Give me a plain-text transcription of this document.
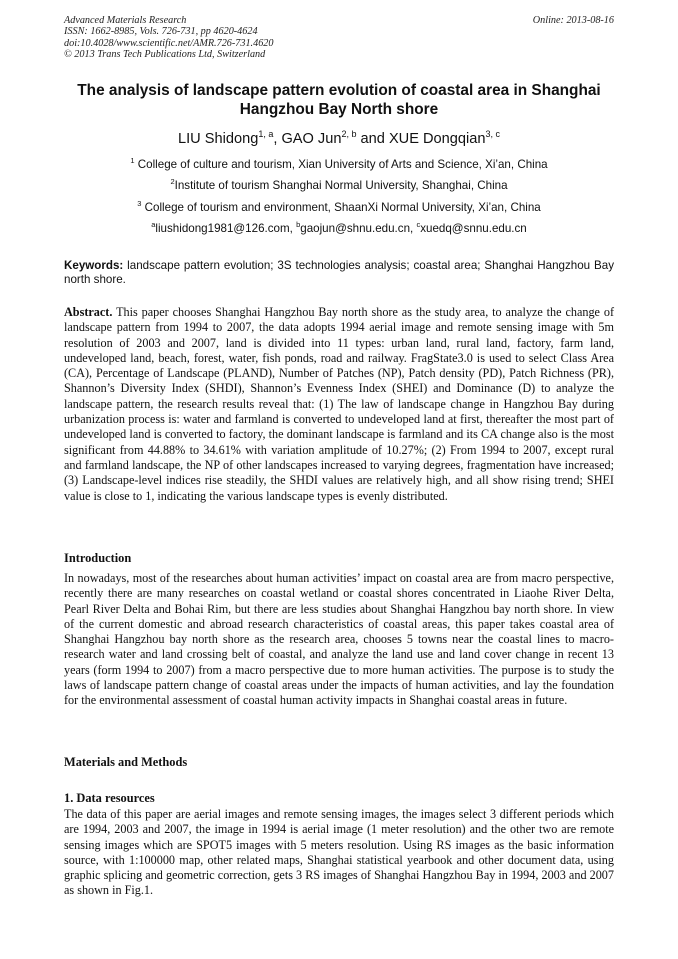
Advanced Materials Research
ISSN: 1662-8985, Vols. 726-731, pp 4620-4624
doi:10.4028/www.scientific.net/AMR.726-731.4620
© 2013 Trans Tech Publications Ltd, Switzerland
Online: 2013-08-16
The analysis of landscape pattern evolution of coastal area in Shanghai
Hangzhou Bay North shore
LIU Shidong$^{1, a}$, GAO Jun$^{2, b}$ and XUE Dongqian$^{3, c}$
$^1$ College of culture and tourism, Xian University of Arts and Science, Xi’an, China
$^2$Institute of tourism Shanghai Normal University, Shanghai, China
$^3$ College of tourism and environment, ShaanXi Normal University, Xi’an, China
$^a$liushidong1981@126.com, $^b$gaojun@shnu.edu.cn, $^c$xuedq@snnu.edu.cn
Keywords: landscape pattern evolution; 3S technologies analysis; coastal area; Shanghai Hangzhou Bay north shore.
Abstract. This paper chooses Shanghai Hangzhou Bay north shore as the study area, to analyze the change of landscape pattern from 1994 to 2007, the data adopts 1994 aerial image and remote sensing image with 5m resolution of 2003 and 2007, land is divided into 11 types: urban land, rural land, factory, farm land, undeveloped land, beach, forest, water, fish ponds, road and railway. FragState3.0 is used to select Class Area (CA), Percentage of Landscape (PLAND), Number of Patches (NP), Patch density (PD), Patch Richness (PR), Shannon’s Diversity Index (SHDI), Shannon’s Evenness Index (SHEI) and Dominance (D) to analyze the landscape pattern, the research results reveal that: (1) The law of landscape change in Hangzhou Bay during urbanization process is: water and farmland is converted to undeveloped land at first, thereafter the most part of undeveloped land is converted to factory, the dominant landscape is farmland and its CA change also is the most significant from 44.88% to 34.61% with variation amplitude of 10.27%; (2) From 1994 to 2007, except rural and farmland landscape, the NP of other landscapes increased to varying degrees, fragmentation have increased; (3) Landscape-level indices rise steadily, the SHDI values are relatively high, and all show rising trend; SHEI value is close to 1, indicating the various landscape types is evenly distributed.
Introduction
In nowadays, most of the researches about human activities’ impact on coastal area are from macro perspective, recently there are many researches on coastal wetland or coastal shores concentrated in Liaohe River Delta, Pearl River Delta and Bohai Rim, but there are less studies about Shanghai Hangzhou bay north shore. In view of the current domestic and abroad research characteristics of coastal areas, this paper takes coastal area of Shanghai Hangzhou bay north shore as the research area, chooses 5 towns near the coastal lines to macro-research water and land crossing belt of coastal, and analyze the land use and land cover change in recent 13 years (form 1994 to 2007) from a macro perspective due to more human activities. The purpose is to study the laws of landscape pattern change of coastal areas under the impacts of human activities, and lay the foundation for the environmental assessment of coastal human activity impacts in Shanghai coastal areas in future.
Materials and Methods
1. Data resources
The data of this paper are aerial images and remote sensing images, the images select 3 different periods which are 1994, 2003 and 2007, the image in 1994 is aerial image (1 meter resolution) and the other two are remote sensing images which are SPOT5 images with 5 meters resolution. Using RS images as the basic information source, with 1:100000 map, other related maps, Shanghai statistical yearbook and other document data, using graphic splicing and geometric correction, gets 3 RS images of Shanghai Hangzhou Bay in 1994, 2003 and 2007 as shown in Fig.1.
